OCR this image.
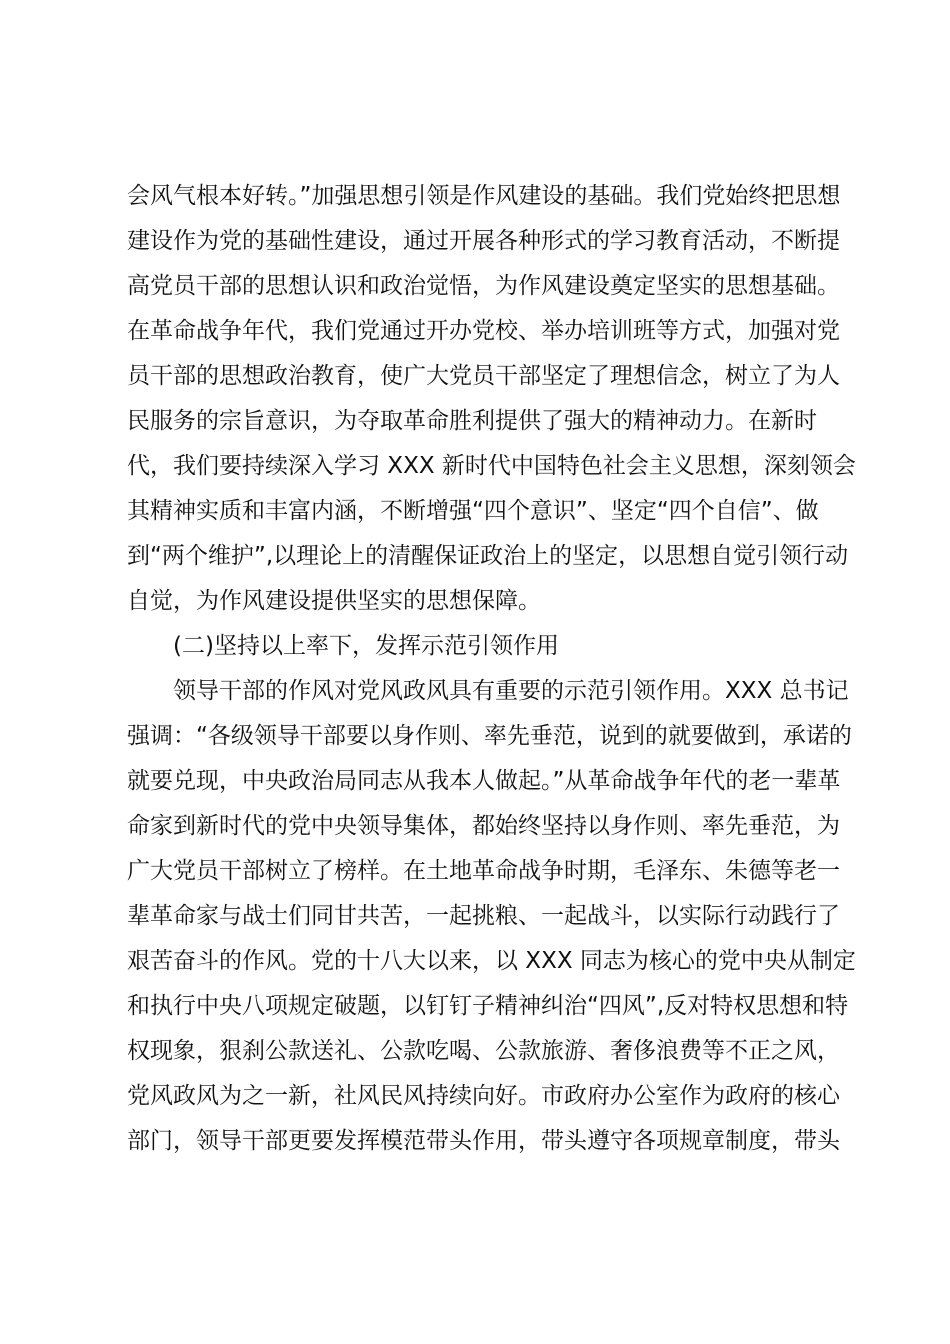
会风气根本好转。”加强思想引领是作风建设的基础。我们党始终把思想
建设作为党的基础性建设，通过开展各种形式的学习教育活动，不断提
高党员干部的思想认识和政治觉悟，为作风建设奠定坚实的思想基础。
在革命战争年代，我们党通过开办党校、举办培训班等方式，加强对党
员干部的思想政治教育，使广大党员干部坚定了理想信念，树立了为人
民服务的宗旨意识，为夺取革命胜利提供了强大的精神动力。在新时
代，我们要持续深入学习 XXX 新时代中国特色社会主义思想，深刻领会
其精神实质和丰富内涵，不断增强“四个意识”、坚定“四个自信”、做
到“两个维护”,以理论上的清醒保证政治上的坚定，以思想自觉引领行动
自觉，为作风建设提供坚实的思想保障。
(二)坚持以上率下，发挥示范引领作用
领导干部的作风对党风政风具有重要的示范引领作用。XXX 总书记
强调：“各级领导干部要以身作则、率先垂范，说到的就要做到，承诺的
就要兑现，中央政治局同志从我本人做起。”从革命战争年代的老一辈革
命家到新时代的党中央领导集体，都始终坚持以身作则、率先垂范，为
广大党员干部树立了榜样。在土地革命战争时期，毛泽东、朱德等老一
辈革命家与战士们同甘共苦，一起挑粮、一起战斗，以实际行动践行了
艰苦奋斗的作风。党的十八大以来，以 XXX 同志为核心的党中央从制定
和执行中央八项规定破题，以钉钉子精神纠治“四风”,反对特权思想和特
权现象，狠刹公款送礼、公款吃喝、公款旅游、奢侈浪费等不正之风，
党风政风为之一新，社风民风持续向好。市政府办公室作为政府的核心
部门，领导干部更要发挥模范带头作用，带头遵守各项规章制度，带头
